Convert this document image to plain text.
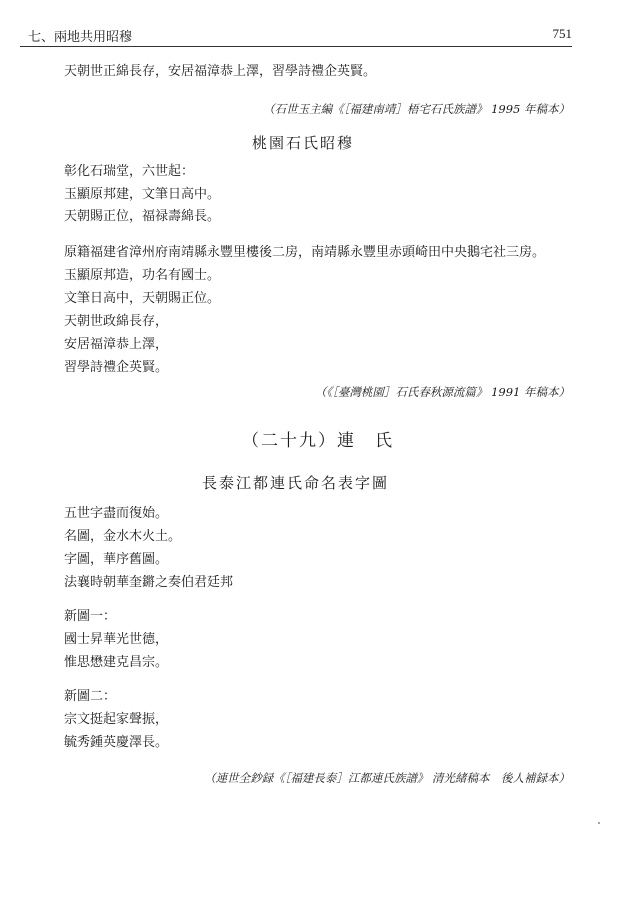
七、兩地共用昭穆	751
天朝世正綿長存，安居福漳恭上澤，習學詩禮企英賢。
（石世玉主編《［福建南靖］梧宅石氏族譜》 1995 年稿本）
桃園石氏昭穆
彰化石瑞堂，六世起：
玉顯原邦建，文筆日高中。
天朝賜正位，福禄壽綿長。
原籍福建省漳州府南靖縣永豐里樓後二房，南靖縣永豐里赤頭崎田中央鵝宅社三房。
玉顯原邦造，功名有國士。
文筆日高中，天朝賜正位。
天朝世政綿長存，
安居福漳恭上澤，
習學詩禮企英賢。
（《［臺灣桃園］石氏春秋源流篇》 1991 年稿本）
（二十九）連　氏
長泰江都連氏命名表字圖
五世字盡而復始。
名圖，金水木火土。
字圖，華序舊圖。
法襄時朝華奎鏘之奏伯君廷邦
新圖一：
國士昇華光世德，
惟思懋建克昌宗。
新圖二：
宗文挺起家聲振，
毓秀鍾英慶澤長。
（連世全鈔録《［福建長泰］江都連氏族譜》 清光緒稿本　後人補録本）
